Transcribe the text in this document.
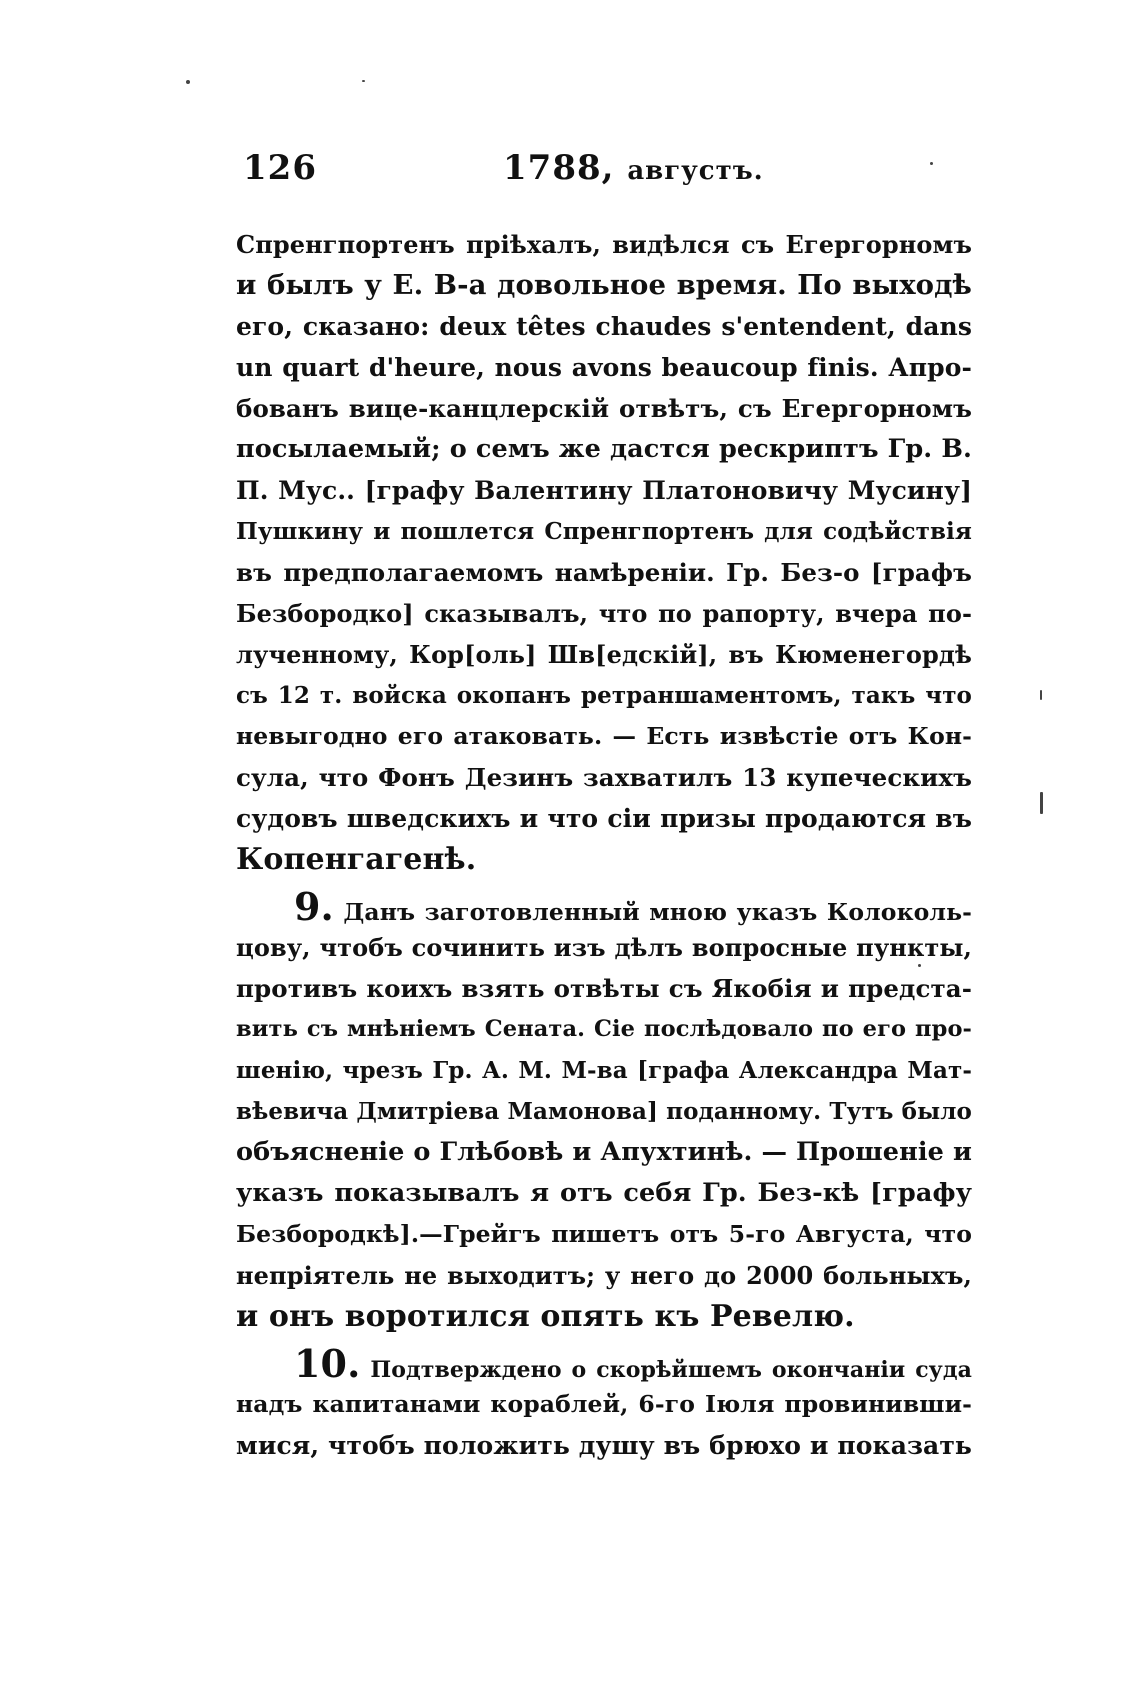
126	1788, августъ.
Спренгпортенъ пріѣхалъ, видѣлся съ Егергорномъ
и былъ у Е. В-а довольное время. По выходѣ
его, сказано: deux têtes chaudes s'entendent, dans
un quart d'heure, nous avons beaucoup finis. Апро-
бованъ вице-канцлерскій отвѣтъ, съ Егергорномъ
посылаемый; о семъ же дастся рескриптъ Гр. В.
П. Мус.. [графу Валентину Платоновичу Мусину]
Пушкину и пошлется Спренгпортенъ для содѣйствія
въ предполагаемомъ намѣреніи. Гр. Без-о [графъ
Безбородко] сказывалъ, что по рапорту, вчера по-
лученному, Кор[оль] Шв[едскій], въ Кюменегордѣ
съ 12 т. войска окопанъ ретраншаментомъ, такъ что
невыгодно его атаковать. — Есть извѣстіе отъ Кон-
сула, что Фонъ Дезинъ захватилъ 13 купеческихъ
судовъ шведскихъ и что сіи призы продаются въ
Копенгагенѣ.
9. Данъ заготовленный мною указъ Колоколь-
цову, чтобъ сочинить изъ дѣлъ вопросные пункты,
противъ коихъ взять отвѣты съ Якобія и предста-
вить съ мнѣніемъ Сената. Сіе послѣдовало по его про-
шенію, чрезъ Гр. А. М. М-ва [графа Александра Мат-
вѣевича Дмитріева Мамонова] поданному. Тутъ было
объясненіе о Глѣбовѣ и Апухтинѣ. — Прошеніе и
указъ показывалъ я отъ себя Гр. Без-кѣ [графу
Безбородкѣ].—Грейгъ пишетъ отъ 5-го Августа, что
непріятель не выходитъ; у него до 2000 больныхъ,
и онъ воротился опять къ Ревелю.
10. Подтверждено о скорѣйшемъ окончаніи суда
надъ капитанами кораблей, 6-го Іюля провинивши-
мися, чтобъ положить душу въ брюхо и показать
